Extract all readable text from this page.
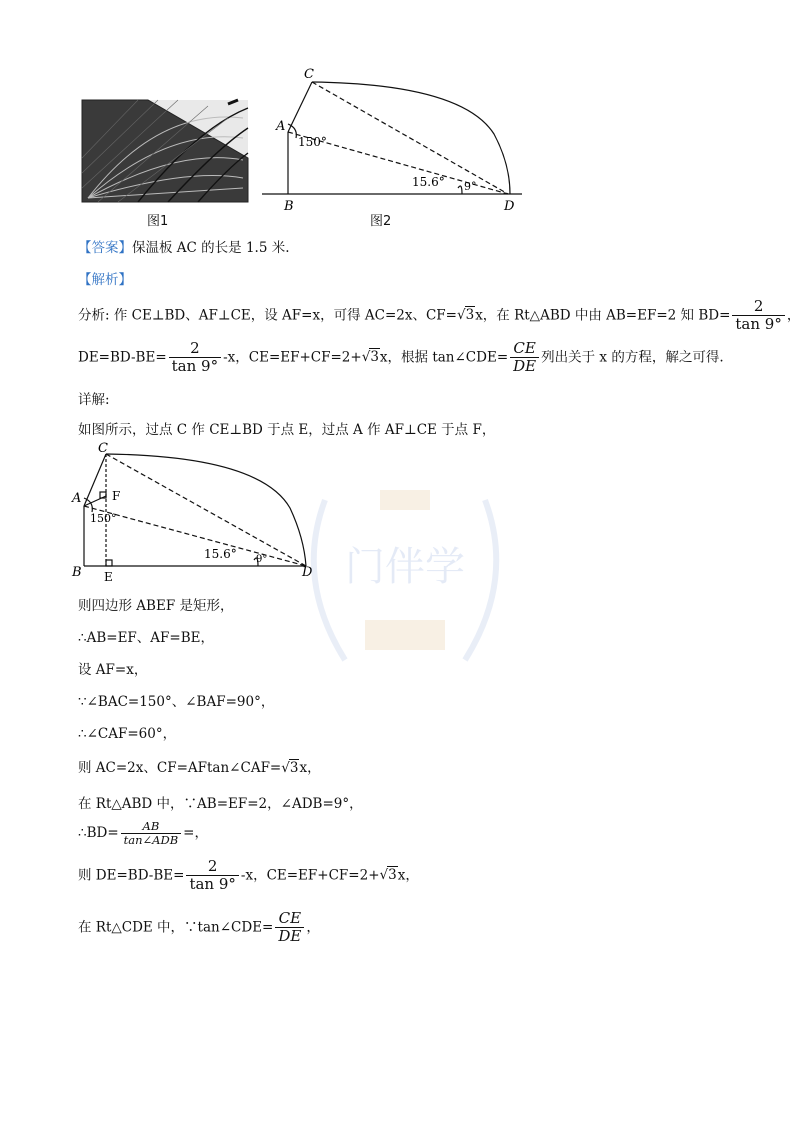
图1
C
A
B	D
150°
15.6° 9°
图2
【答案】保温板 AC 的长是 1.5 米.
【解析】
分析: 作 CE⊥BD、AF⊥CE，设 AF=x，可得 AC=2x、CF=√3x，在 Rt△ABD 中由 AB=EF=2 知 $BD= \frac{2}{\tan 9^\circ}$ ，
$DE=BD-BE= \frac{2}{\tan 9^\circ} -x$，CE=EF+CF=2+√3x，根据 tan∠CDE= $\frac{CE}{DE}$ 列出关于 x 的方程，解之可得.
详解:
如图所示，过点 C 作 CE⊥BD 于点 E，过点 A 作 AF⊥CE 于点 F，
C
A	F
150°
B E	D
15.6° 9° 门伴学
则四边形 ABEF 是矩形，
∴AB=EF、AF=BE，
设 AF=x，
∵∠BAC=150°、∠BAF=90°，
∴∠CAF=60°，
则 AC=2x、CF=AFtan∠CAF=√3x，
在 Rt△ABD 中，∵AB=EF=2，∠ADB=9°，
∴BD= $\frac{AB}{\text{tan∠ADB}}$ =，
则 $DE=BD-BE= \frac{2}{\tan 9^\circ} -x$，CE=EF+CF=2+√3x，
在 Rt△CDE 中，∵tan∠CDE= $\frac{CE}{DE}$ ，
